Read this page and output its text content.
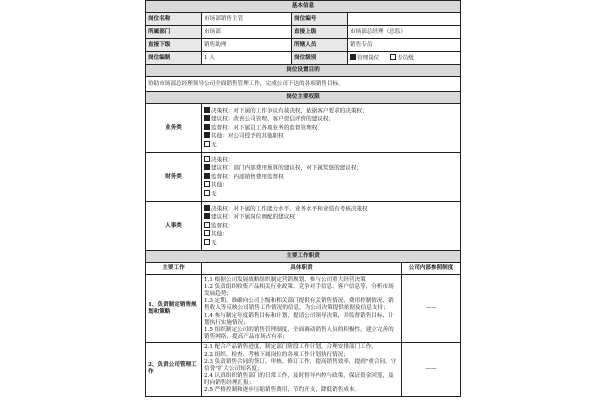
基本信息			
岗位名称	市场部销售主管	岗位编号	
所属部门	市场部	直接上级	市场部总经理（总监）
直接下级	销售助理	所辖人员	销售专员
岗位编制	1 人	岗位级别	管理岗位 专员级
岗位设置目的			
协助市场部总经理领导公司全面销售管理工作，完成公司下达的各项销售目标。			
岗位主要权限			
业务类	决策权：对下属的工作争议有裁决权，依据客户要求的决策权；
建议权：改善公司管理、客户资信评价的建议权；
监督权：对下属员工各项业务的监督管理权
其他：对公司授予的其他职权
无		

财务类	决策权：
建议权：部门内部费用预算的建议权，对下属奖惩的建议权；
监督权：内部销售费用监督权
其他：
无		

人事类	决策权：对下属的工作能力水平、业务水平和业绩有考核决策权
建议权：对下属岗位调配的建议权
监督权：
其他：
无		

主要工作职责			
主要工作	具体职责	公司内部参照制度
1、负责制定销售规划和策略	1.1 根据公司发展战略组织制定营销规划，参与公司重大经营决策
1.2 负责组织收集产品相关行业政策、竞争对手信息、客户信息等，分析市场发展趋势；
1.3 定期、准确向公司上级和相关部门提供有关销售情况、费用控制情况、销售收入等反映公司销售工作情况的信息，为公司决策提供依据及信息支持；
1.4 参与制定年度销售目标和计划，提请公司领导决策，并监督销售目标、计划执行实施情况；
1.5 组织制定公司的销售管理制度，全面调动销售人员的积极性，建立完善的销售网络，提高产品市场占有率；	——
2、负责公司管理工作	2.1 配合产品销售进度，制定部门阶段工作计划，合理安排部门工作。
2.2 组织、检查、考核下属岗位的各项工作计划执行情况；
2.3 负责销售合同的签订、审核、修订工作，提高销售效率，提到"重合同、守信誉"扩大公司知名度；
2.4 认真组织销售部门的日常工作，及时督导内控与政策，保证资金回笼，及时向销售经理汇报；
2.5 严格控制和逐步压缩销售费用，节约开支，降低销售成本。	——
